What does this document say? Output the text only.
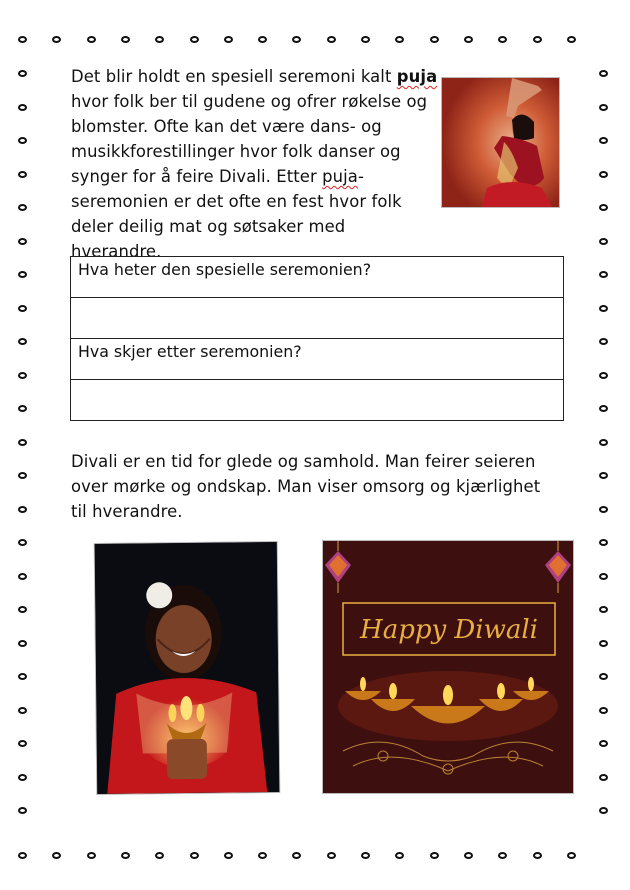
Det blir holdt en spesiell seremoni kalt puja hvor folk ber til gudene og ofrer røkelse og blomster. Ofte kan det være dans- og musikkforestillinger hvor folk danser og synger for å feire Divali. Etter puja-seremonien er det ofte en fest hvor folk deler deilig mat og søtsaker med hverandre.

Hva heter den spesielle seremonien?

Hva skjer etter seremonien?

Divali er en tid for glede og samhold. Man feirer seieren over mørke og ondskap. Man viser omsorg og kjærlighet til hverandre.

Happy Diwali
